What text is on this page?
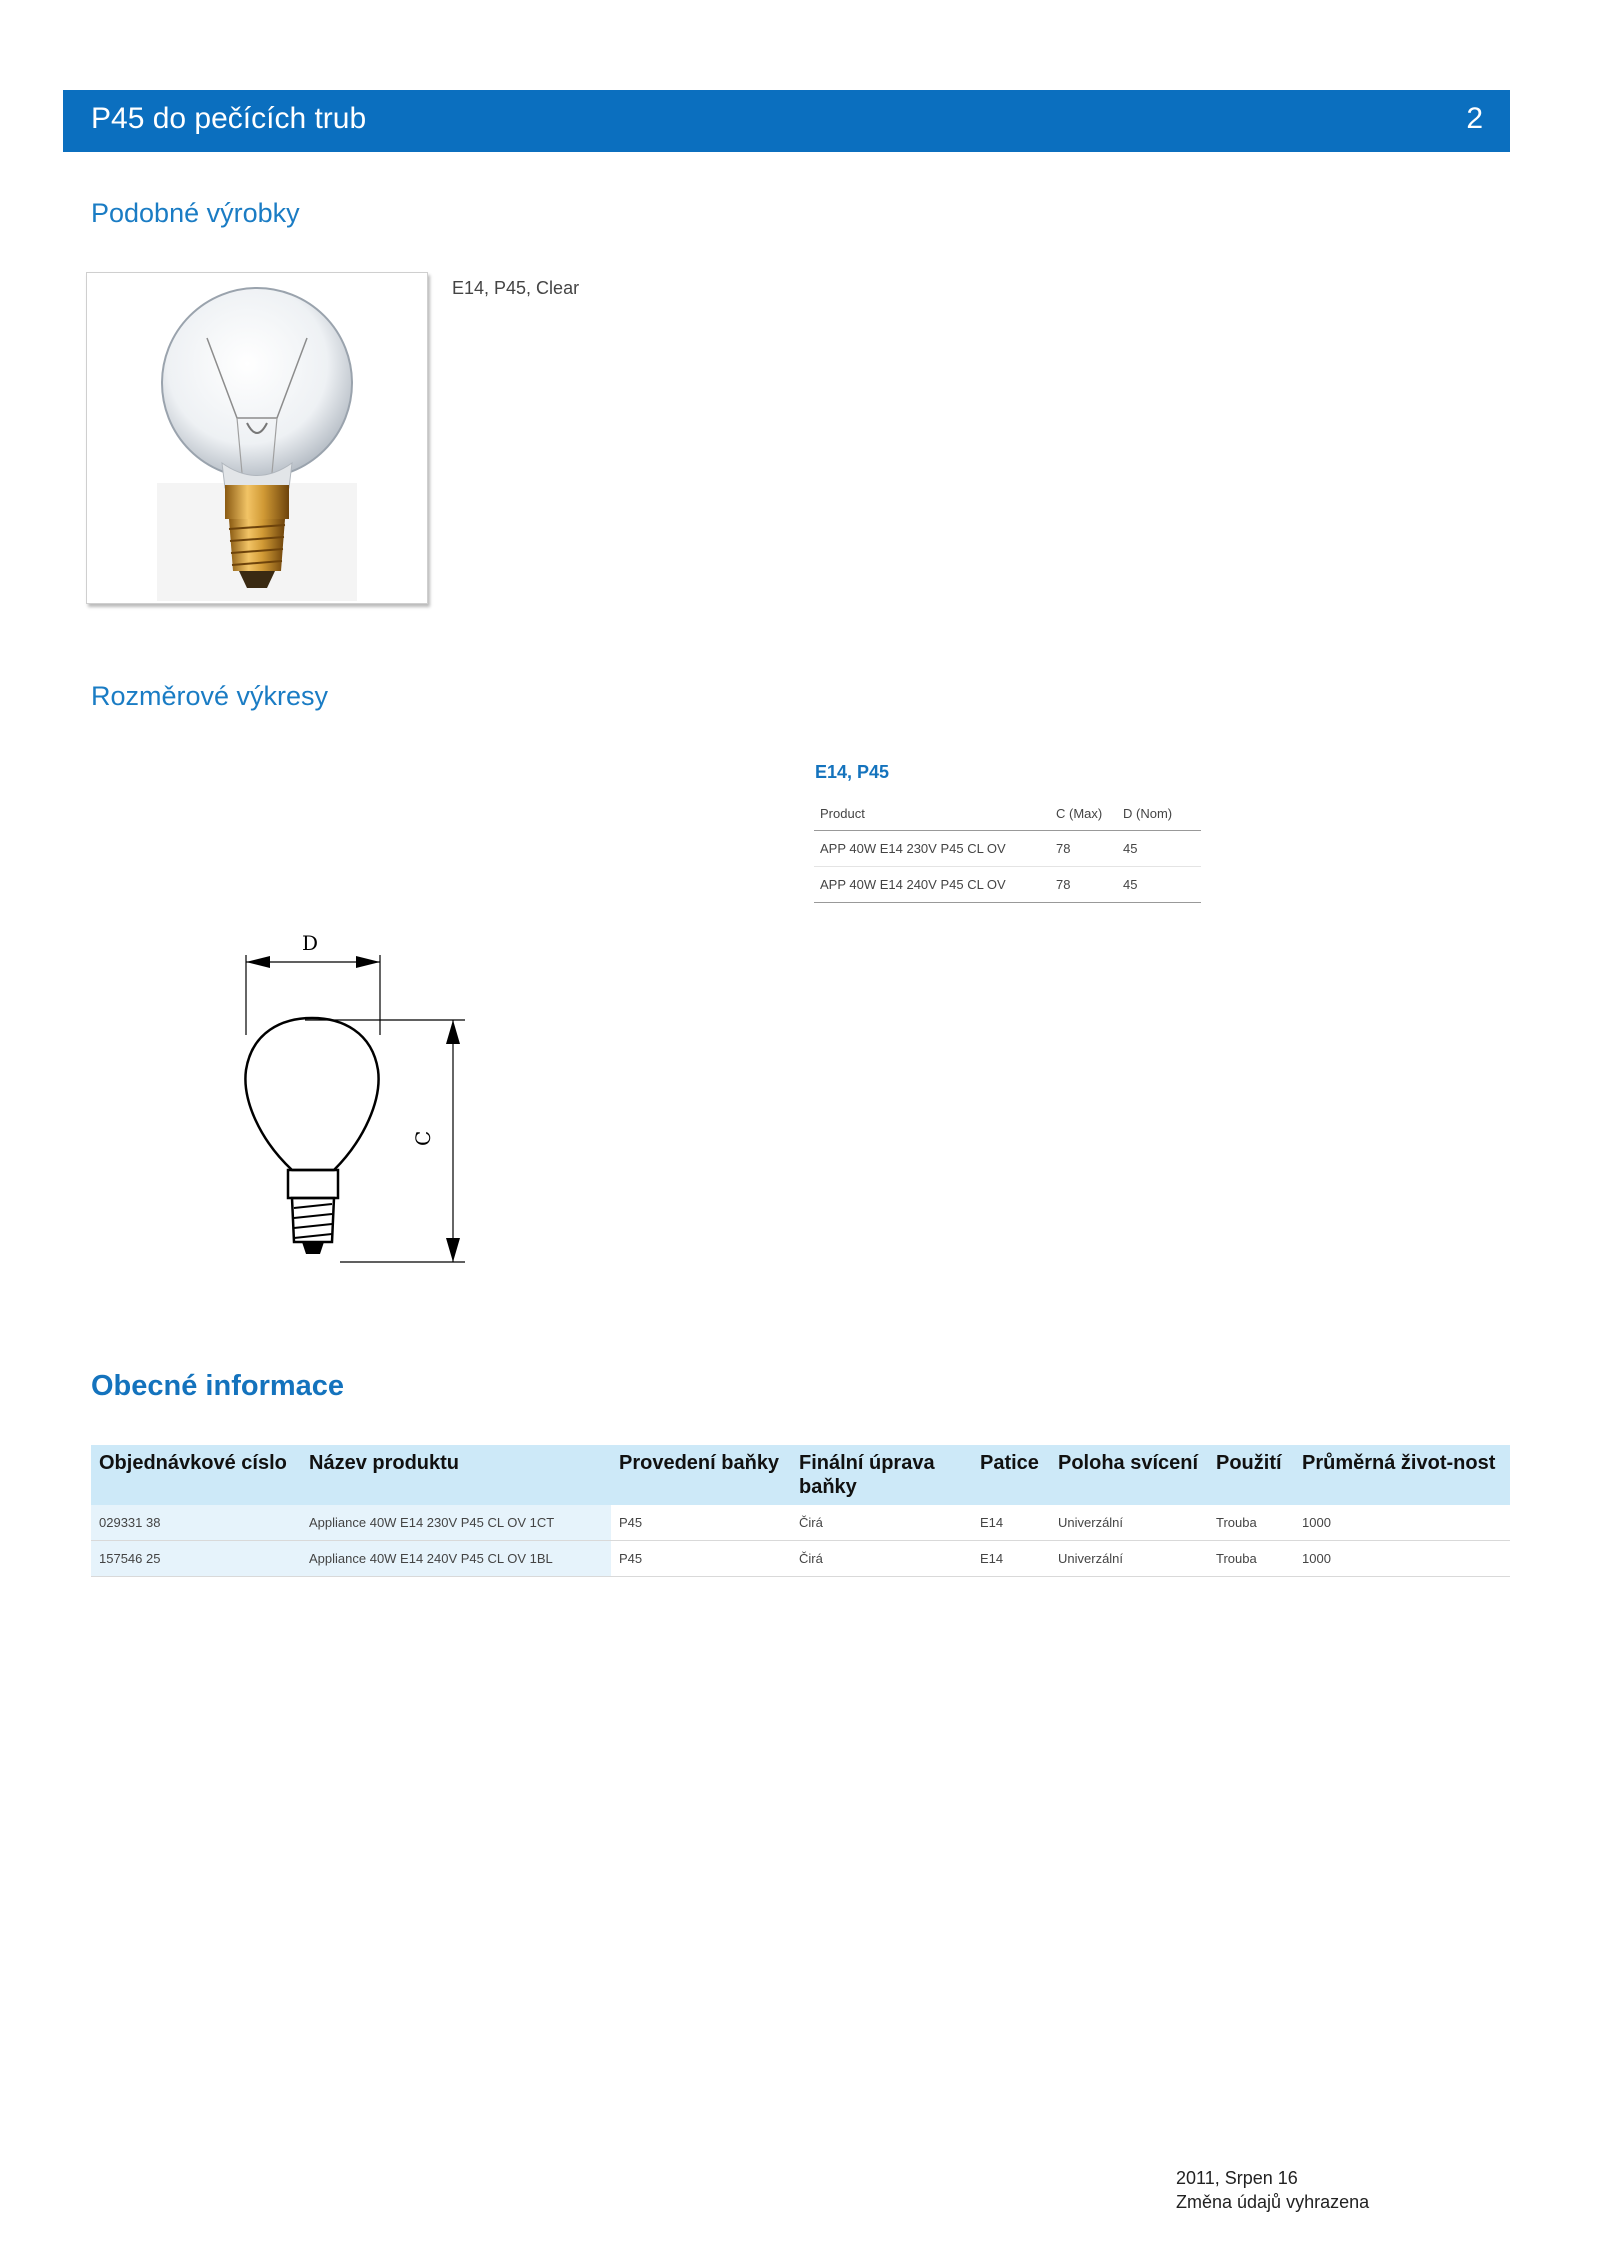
P45 do pečících trub	2
Podobné výrobky
E14, P45, Clear
Rozměrové výkresy
D
C
E14, P45
Product	C (Max)	D (Nom)
APP 40W E14 230V P45 CL OV	78	45
APP 40W E14 240V P45 CL OV	78	45
Obecné informace
Objednávkové císlo	Název produktu	Provedení baňky	Finální úprava baňky	Patice	Poloha svícení	Použití	Průměrná život-nost
029331 38	Appliance 40W E14 230V P45 CL OV 1CT	P45	Čirá	E14	Univerzální	Trouba	1000
157546 25	Appliance 40W E14 240V P45 CL OV 1BL	P45	Čirá	E14	Univerzální	Trouba	1000
2011, Srpen 16
Změna údajů vyhrazena
